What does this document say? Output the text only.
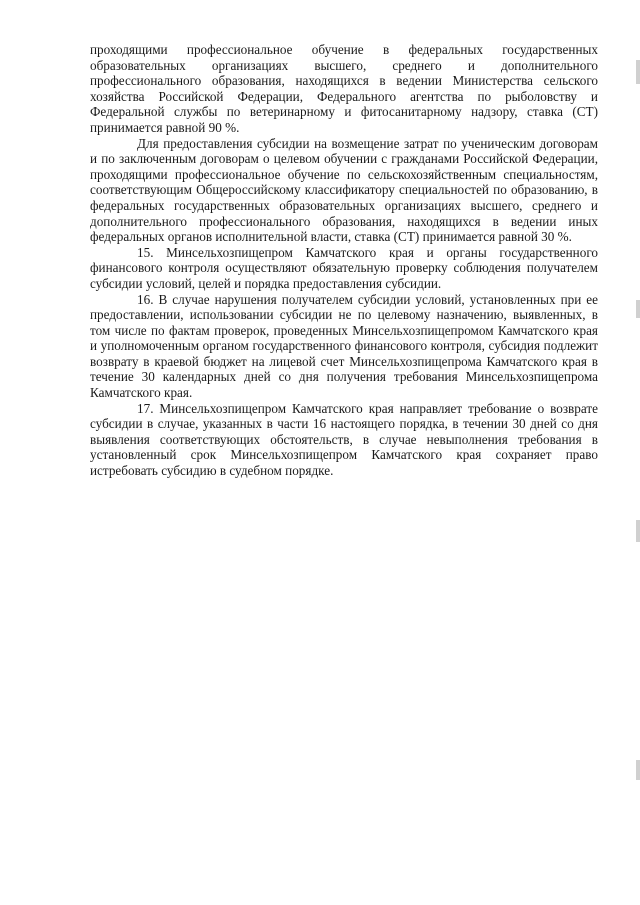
проходящими профессиональное обучение в федеральных государственных образовательных организациях высшего, среднего и дополнительного профессионального образования, находящихся в ведении Министерства сельского хозяйства Российской Федерации, Федерального агентства по рыболовству и Федеральной службы по ветеринарному и фитосанитарному надзору, ставка (СТ) принимается равной 90 %.

Для предоставления субсидии на возмещение затрат по ученическим договорам и по заключенным договорам о целевом обучении с гражданами Российской Федерации, проходящими профессиональное обучение по сельскохозяйственным специальностям, соответствующим Общероссийскому классификатору специальностей по образованию, в федеральных государственных образовательных организациях высшего, среднего и дополнительного профессионального образования, находящихся в ведении иных федеральных органов исполнительной власти, ставка (СТ) принимается равной 30 %.

15. Минсельхозпищепром Камчатского края и органы государственного финансового контроля осуществляют обязательную проверку соблюдения получателем субсидии условий, целей и порядка предоставления субсидии.

16. В случае нарушения получателем субсидии условий, установленных при ее предоставлении, использовании субсидии не по целевому назначению, выявленных, в том числе по фактам проверок, проведенных Минсельхозпищепромом Камчатского края и уполномоченным органом государственного финансового контроля, субсидия подлежит возврату в краевой бюджет на лицевой счет Минсельхозпищепрома Камчатского края в течение 30 календарных дней со дня получения требования Минсельхозпищепрома Камчатского края.

17. Минсельхозпищепром Камчатского края направляет требование о возврате субсидии в случае, указанных в части 16 настоящего порядка, в течении 30 дней со дня выявления соответствующих обстоятельств, в случае невыполнения требования в установленный срок Минсельхозпищепром Камчатского края сохраняет право истребовать субсидию в судебном порядке.
